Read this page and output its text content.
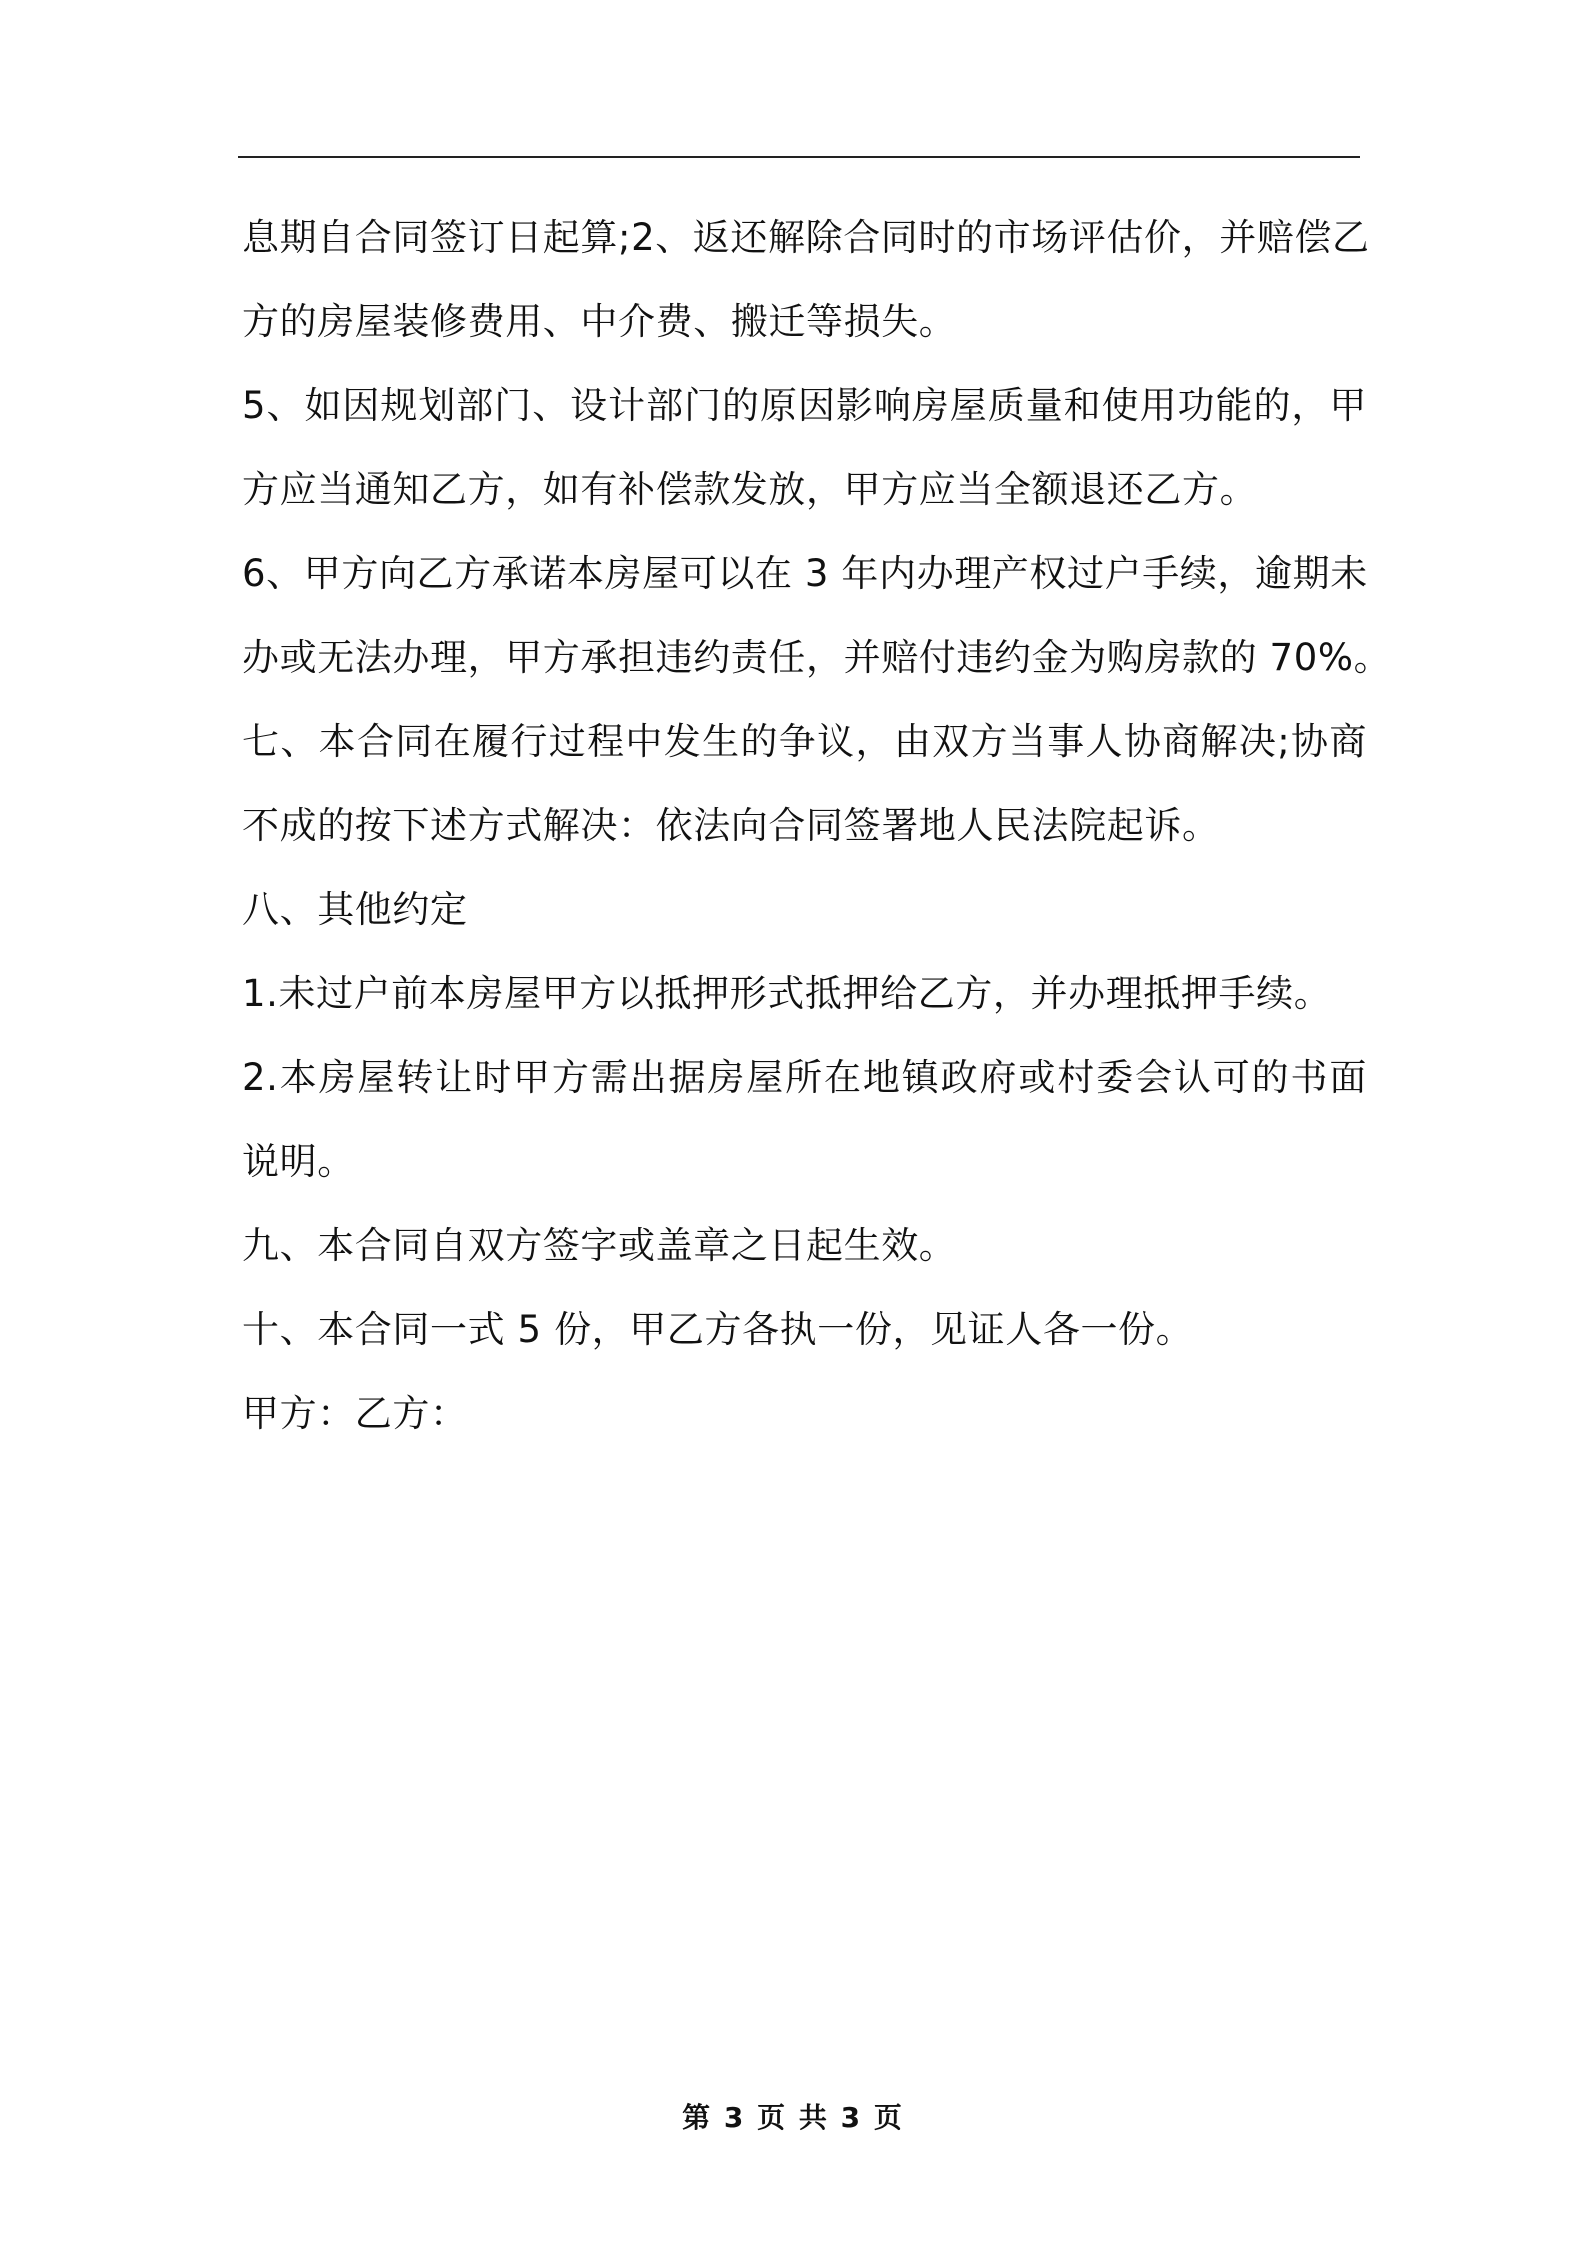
息期自合同签订日起算;2、返还解除合同时的市场评估价，并赔偿乙
方的房屋装修费用、中介费、搬迁等损失。
5、如因规划部门、设计部门的原因影响房屋质量和使用功能的，甲
方应当通知乙方，如有补偿款发放，甲方应当全额退还乙方。
6、甲方向乙方承诺本房屋可以在 3 年内办理产权过户手续，逾期未
办或无法办理，甲方承担违约责任，并赔付违约金为购房款的 70%。
七、本合同在履行过程中发生的争议，由双方当事人协商解决;协商
不成的按下述方式解决：依法向合同签署地人民法院起诉。
八、其他约定
1.未过户前本房屋甲方以抵押形式抵押给乙方，并办理抵押手续。
2.本房屋转让时甲方需出据房屋所在地镇政府或村委会认可的书面
说明。
九、本合同自双方签字或盖章之日起生效。
十、本合同一式 5 份，甲乙方各执一份，见证人各一份。
甲方：乙方：
第 3 页 共 3 页
